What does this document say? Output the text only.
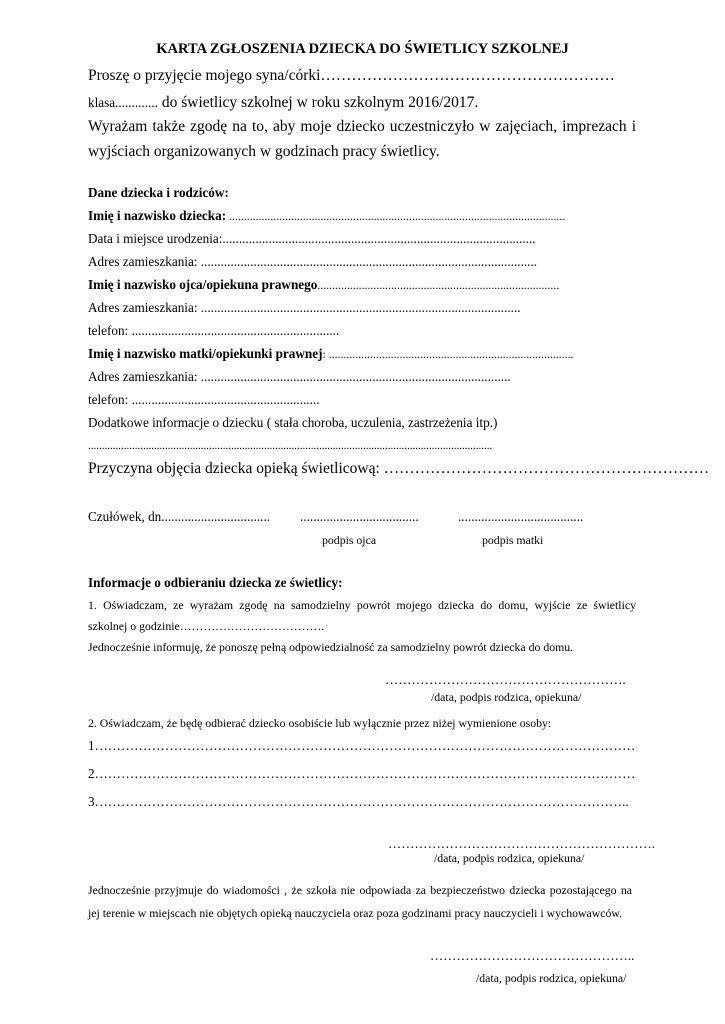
KARTA ZGŁOSZENIA DZIECKA DO ŚWIETLICY SZKOLNEJ
Proszę o przyjęcie mojego syna/córki…………………………………………………
klasa............. do świetlicy szkolnej w roku szkolnym 2016/2017.
Wyrażam także zgodę na to, aby moje dziecko uczestniczyło w zajęciach, imprezach i
wyjściach organizowanych w godzinach pracy świetlicy.
Dane dziecka i rodziców:
Imię i nazwisko dziecka: ..................................................................................................................
Data i miejsce urodzenia:...............................................................................................
Adres zamieszkania: ......................................................................................................
Imię i nazwisko ojca/opiekuna prawnego..................................................................................
Adres zamieszkania: .................................................................................................
telefon: ...............................................................
Imię i nazwisko matki/opiekunki prawnej: ...................................................................................
Adres zamieszkania: ..............................................................................................
telefon: .........................................................
Dodatkowe informacje o dziecku ( stała choroba, uczulenia, zastrzeżenia itp.)
...................................................................................................................................................
Przyczyna objęcia dziecka opieką świetlicową: ………………………………………………………
Czułówek, dn................................. ....................................	......................................
podpis ojca	podpis matki
Informacje o odbieraniu dziecka ze świetlicy:
1. Oświadczam, ze wyrażam zgodę na samodzielny powrót mojego dziecka do domu, wyjście ze świetlicy
szkolnej o godzinie……………………………….
Jednocześnie informuję, że ponoszę pełną odpowiedzialność za samodzielny powrót dziecka do domu.
……………………………………………….
/data, podpis rodzica, opiekuna/
2. Oświadczam, że będę odbierać dziecko osobiście lub wyłącznie przez niżej wymienione osoby:
1……………………………………………………………………………………………………………
2……………………………………………………………………………………………………………
3…………………………………………………………………………………………………………..
…………………………………………………….
/data, podpis rodzica, opiekuna/
Jednocześnie przyjmuje do wiadomości , że szkoła nie odpowiada za bezpieczeństwo dziecka pozostającego na
jej terenie w miejscach nie objętych opieką nauczyciela oraz poza godzinami pracy nauczycieli i wychowawców.
………………………………………..
/data, podpis rodzica, opiekuna/
